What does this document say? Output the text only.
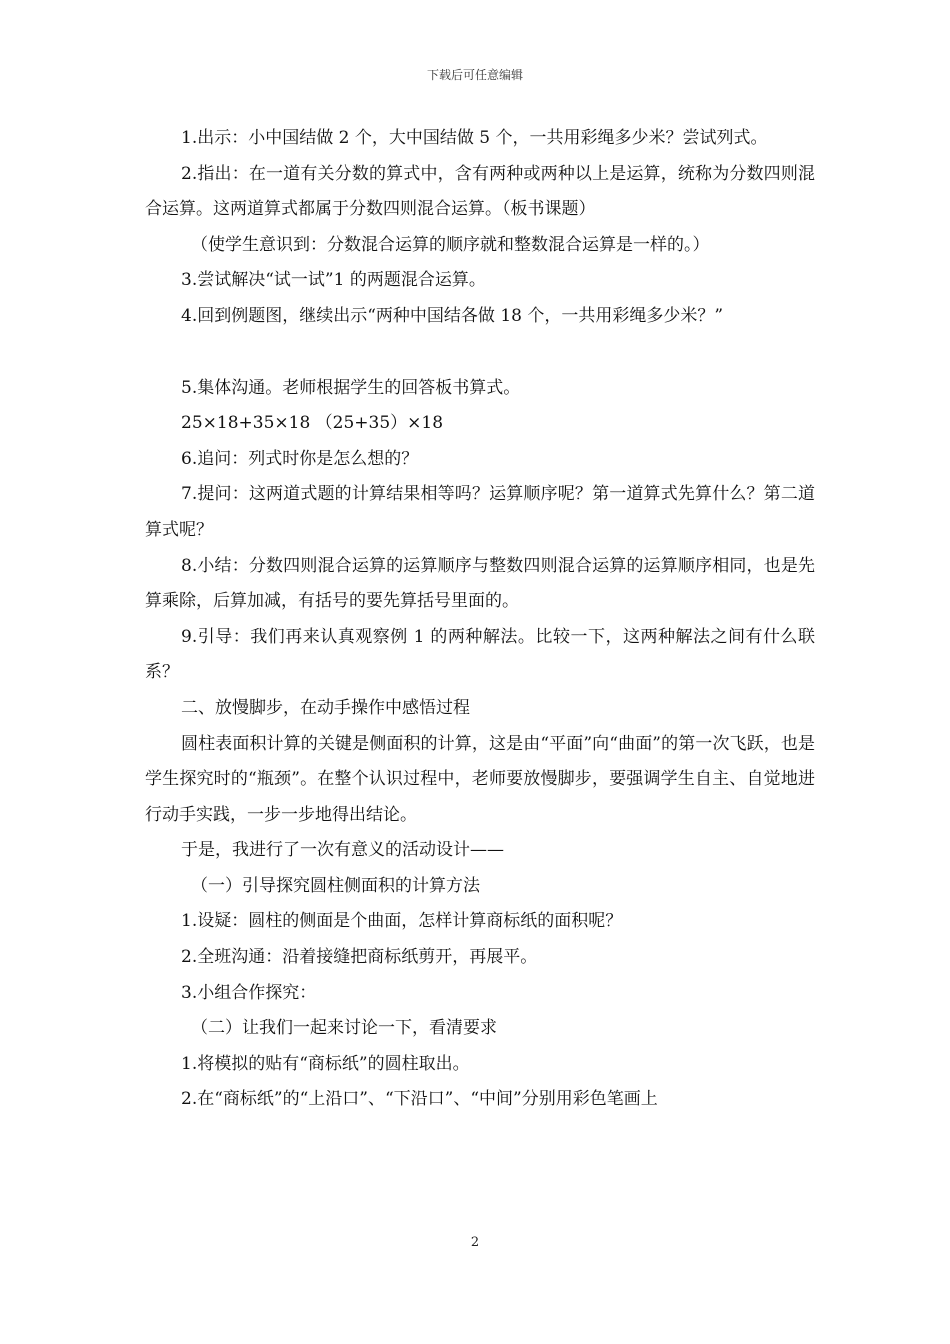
下载后可任意编辑

1.出示：小中国结做 2 个，大中国结做 5 个，一共用彩绳多少米？尝试列式。

2.指出：在一道有关分数的算式中，含有两种或两种以上是运算，统称为分数四则混合运算。这两道算式都属于分数四则混合运算。（板书课题）

（使学生意识到：分数混合运算的顺序就和整数混合运算是一样的。）

3.尝试解决“试一试”1 的两题混合运算。

4.回到例题图，继续出示“两种中国结各做 18 个，一共用彩绳多少米？”

5.集体沟通。老师根据学生的回答板书算式。

25×18+35×18 （25+35）×18

6.追问：列式时你是怎么想的？

7.提问：这两道式题的计算结果相等吗？运算顺序呢？第一道算式先算什么？第二道算式呢？

8.小结：分数四则混合运算的运算顺序与整数四则混合运算的运算顺序相同，也是先算乘除，后算加减，有括号的要先算括号里面的。

9.引导：我们再来认真观察例 1 的两种解法。比较一下，这两种解法之间有什么联系？

二、放慢脚步，在动手操作中感悟过程

圆柱表面积计算的关键是侧面积的计算，这是由“平面”向“曲面”的第一次飞跃，也是学生探究时的“瓶颈”。在整个认识过程中，老师要放慢脚步，要强调学生自主、自觉地进行动手实践，一步一步地得出结论。

于是，我进行了一次有意义的活动设计——

（一）引导探究圆柱侧面积的计算方法

1.设疑：圆柱的侧面是个曲面，怎样计算商标纸的面积呢？

2.全班沟通：沿着接缝把商标纸剪开，再展平。

3.小组合作探究：

（二）让我们一起来讨论一下，看清要求

1.将模拟的贴有“商标纸”的圆柱取出。

2.在“商标纸”的“上沿口”、“下沿口”、“中间”分别用彩色笔画上

2
